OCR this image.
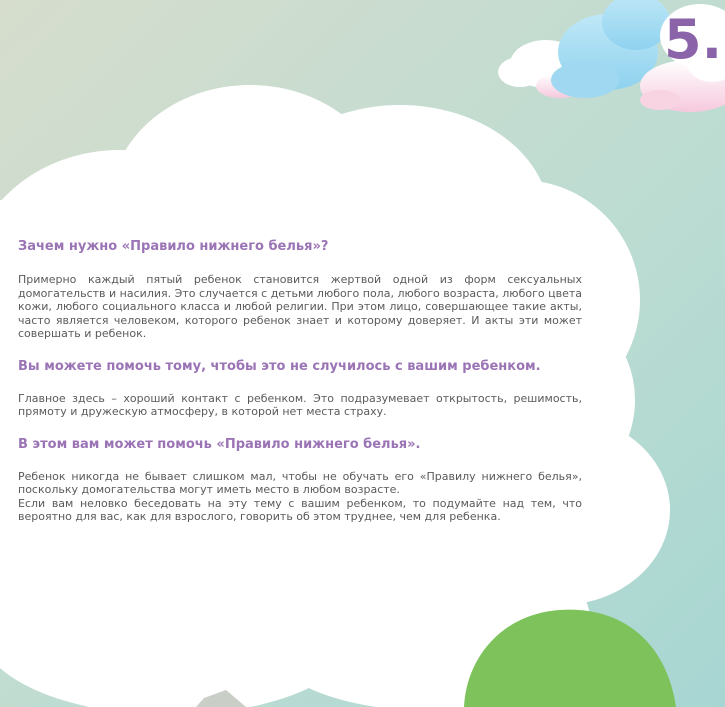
5.
Зачем нужно «Правило нижнего белья»?

Примерно каждый пятый ребенок становится жертвой одной из форм сексуальных домогательств и насилия. Это случается с детьми любого пола, любого возраста, любого цвета кожи, любого социального класса и любой религии. При этом лицо, совершающее такие акты, часто является человеком, которого ребенок знает и которому доверяет. И акты эти может совершать и ребенок.

Вы можете помочь тому, чтобы это не случилось с вашим ребенком.

Главное здесь – хороший контакт с ребенком. Это подразумевает открытость, решимость, прямоту и дружескую атмосферу, в которой нет места страху.

В этом вам может помочь «Правило нижнего белья».

Ребенок никогда не бывает слишком мал, чтобы не обучать его «Правилу нижнего белья», поскольку домогательства могут иметь место в любом возрасте.

Если вам неловко беседовать на эту тему с вашим ребенком, то подумайте над тем, что вероятно для вас, как для взрослого, говорить об этом труднее, чем для ребенка.
